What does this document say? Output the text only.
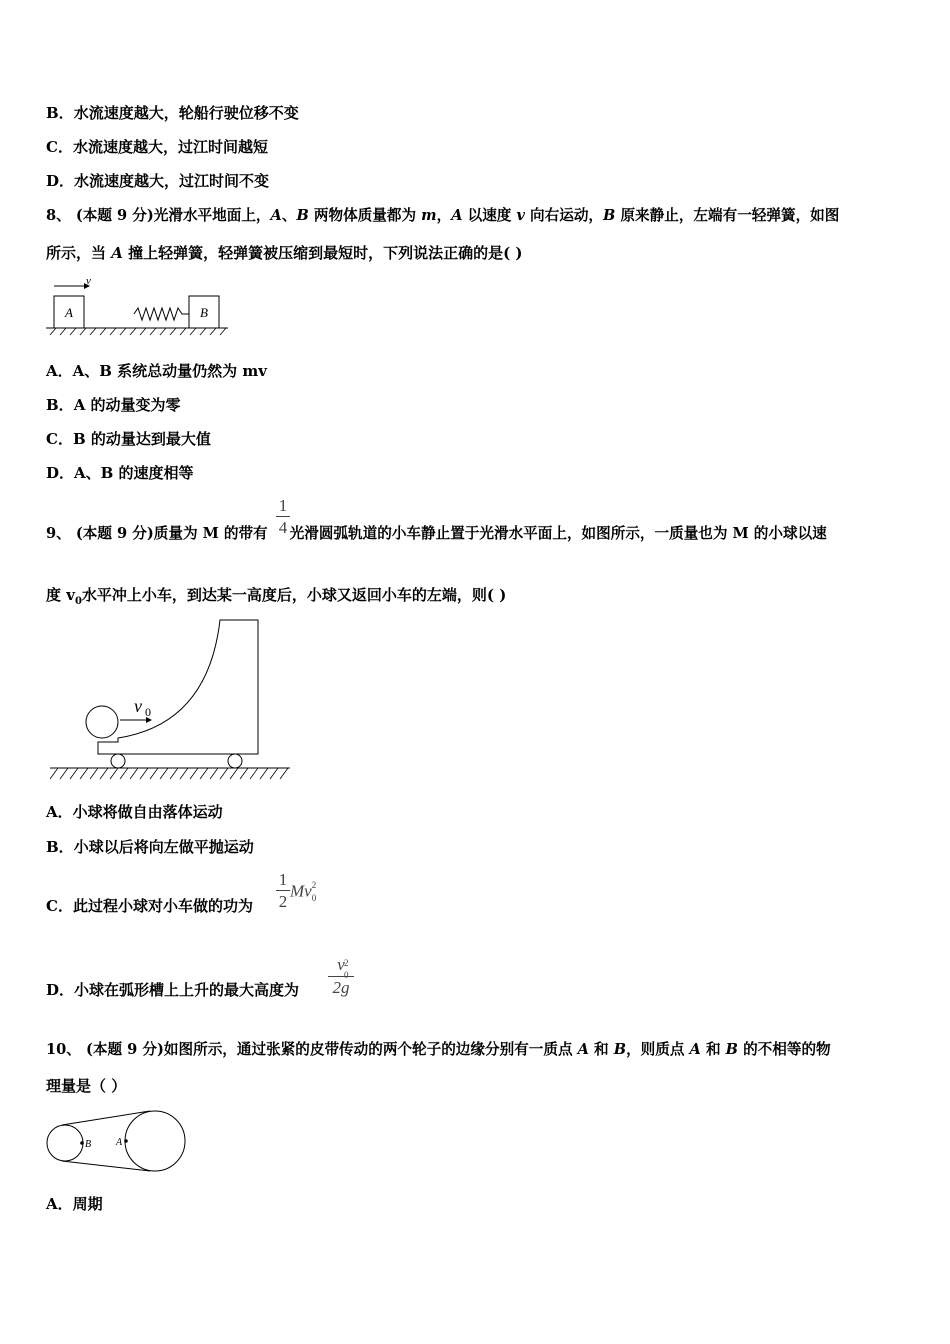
B．水流速度越大，轮船行驶位移不变
C．水流速度越大，过江时间越短
D．水流速度越大，过江时间不变
8、 (本题 9 分)光滑水平地面上，A、B 两物体质量都为 m，A 以速度 v 向右运动，B 原来静止，左端有一轻弹簧，如图
所示，当 A 撞上轻弹簧，轻弹簧被压缩到最短时，下列说法正确的是( )
v
A	B
A．A、B 系统总动量仍然为 mv
B．A 的动量变为零
C．B 的动量达到最大值
D．A、B 的速度相等
9、 (本题 9 分)质量为 M 的带有 光滑圆弧轨道的小车静止置于光滑水平面上，如图所示，一质量也为 M 的小球以速
$\frac{1}{4}$
度 $v_0$水平冲上小车，到达某一高度后，小球又返回小车的左端，则( )
v 0
A．小球将做自由落体运动
B．小球以后将向左做平抛运动
C．此过程小球对小车做的功为 $\frac{1}{2}$ Mv 2
0
D．小球在弧形槽上上升的最大高度为 v 2
0
2g
10、 (本题 9 分)如图所示，通过张紧的皮带传动的两个轮子的边缘分别有一质点 A 和 B，则质点 A 和 B 的不相等的物
理量是（ ）
B A
A．周期
